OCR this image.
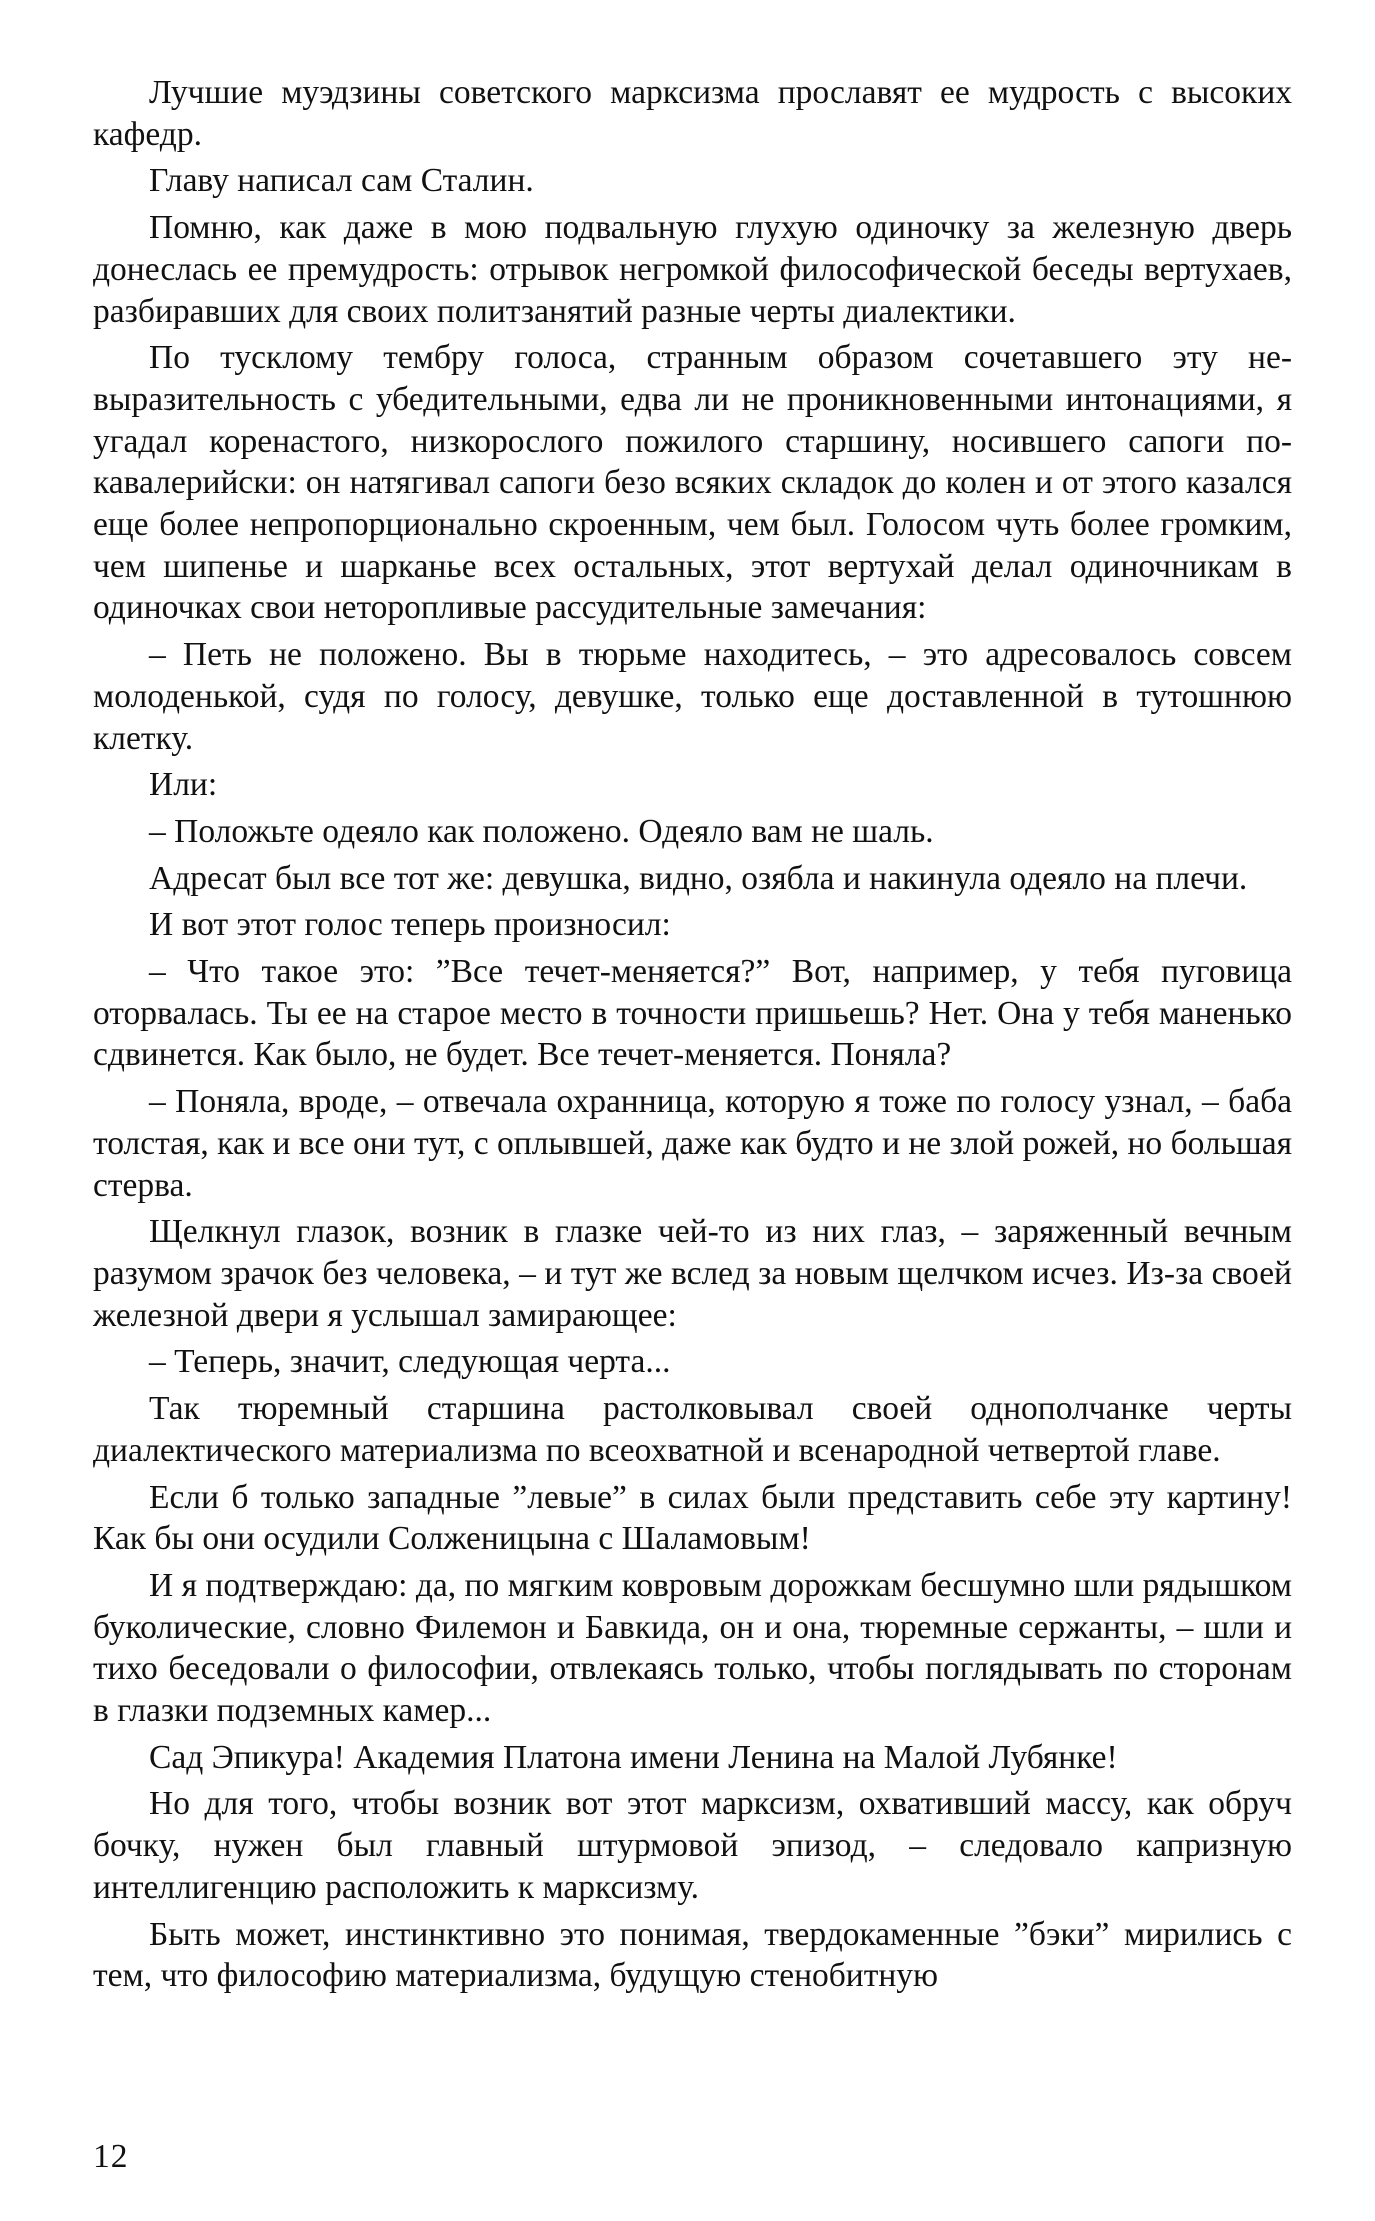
Лучшие муэдзины советского марксизма прославят ее мудрость с высоких кафедр.

Главу написал сам Сталин.

Помню, как даже в мою подвальную глухую одиночку за железную дверь донеслась ее премудрость: отрывок негромкой философической беседы вертухаев, разбиравших для своих политзанятий разные черты диалектики.

По тусклому тембру голоса, странным образом сочетавшего эту невыразительность с убедительными, едва ли не проникновенными интонациями, я угадал коренастого, низкорослого пожилого старшину, носившего сапоги по-кавалерийски: он натягивал сапоги безо всяких складок до колен и от этого казался еще более непропорционально скроенным, чем был. Голосом чуть более громким, чем шипенье и шарканье всех остальных, этот вертухай делал одиночникам в одиночках свои неторопливые рассудительные замечания:

– Петь не положено. Вы в тюрьме находитесь, – это адресовалось совсем молоденькой, судя по голосу, девушке, только еще доставленной в тутошнюю клетку.

Или:

– Положьте одеяло как положено. Одеяло вам не шаль.

Адресат был все тот же: девушка, видно, озябла и накинула одеяло на плечи.

И вот этот голос теперь произносил:

– Что такое это: ”Все течет-меняется?” Вот, например, у тебя пуговица оторвалась. Ты ее на старое место в точности пришьешь? Нет. Она у тебя маненько сдвинется. Как было, не будет. Все течет-меняется. Поняла?

– Поняла, вроде, – отвечала охранница, которую я тоже по голосу узнал, – баба толстая, как и все они тут, с оплывшей, даже как будто и не злой рожей, но большая стерва.

Щелкнул глазок, возник в глазке чей-то из них глаз, – заряженный вечным разумом зрачок без человека, – и тут же вслед за новым щелчком исчез. Из-за своей железной двери я услышал замирающее:

– Теперь, значит, следующая черта...

Так тюремный старшина растолковывал своей однополчанке черты диалектического материализма по всеохватной и всенародной четвертой главе.

Если б только западные ”левые” в силах были представить себе эту картину! Как бы они осудили Солженицына с Шаламовым!

И я подтверждаю: да, по мягким ковровым дорожкам бесшумно шли рядышком буколические, словно Филемон и Бавкида, он и она, тюремные сержанты, – шли и тихо беседовали о философии, отвлекаясь только, чтобы поглядывать по сторонам в глазки подземных камер...

Сад Эпикура! Академия Платона имени Ленина на Малой Лубянке!

Но для того, чтобы возник вот этот марксизм, охвативший массу, как обруч бочку, нужен был главный штурмовой эпизод, – следовало капризную интеллигенцию расположить к марксизму.

Быть может, инстинктивно это понимая, твердокаменные ”бэки” мирились с тем, что философию материализма, будущую стенобитную

12
